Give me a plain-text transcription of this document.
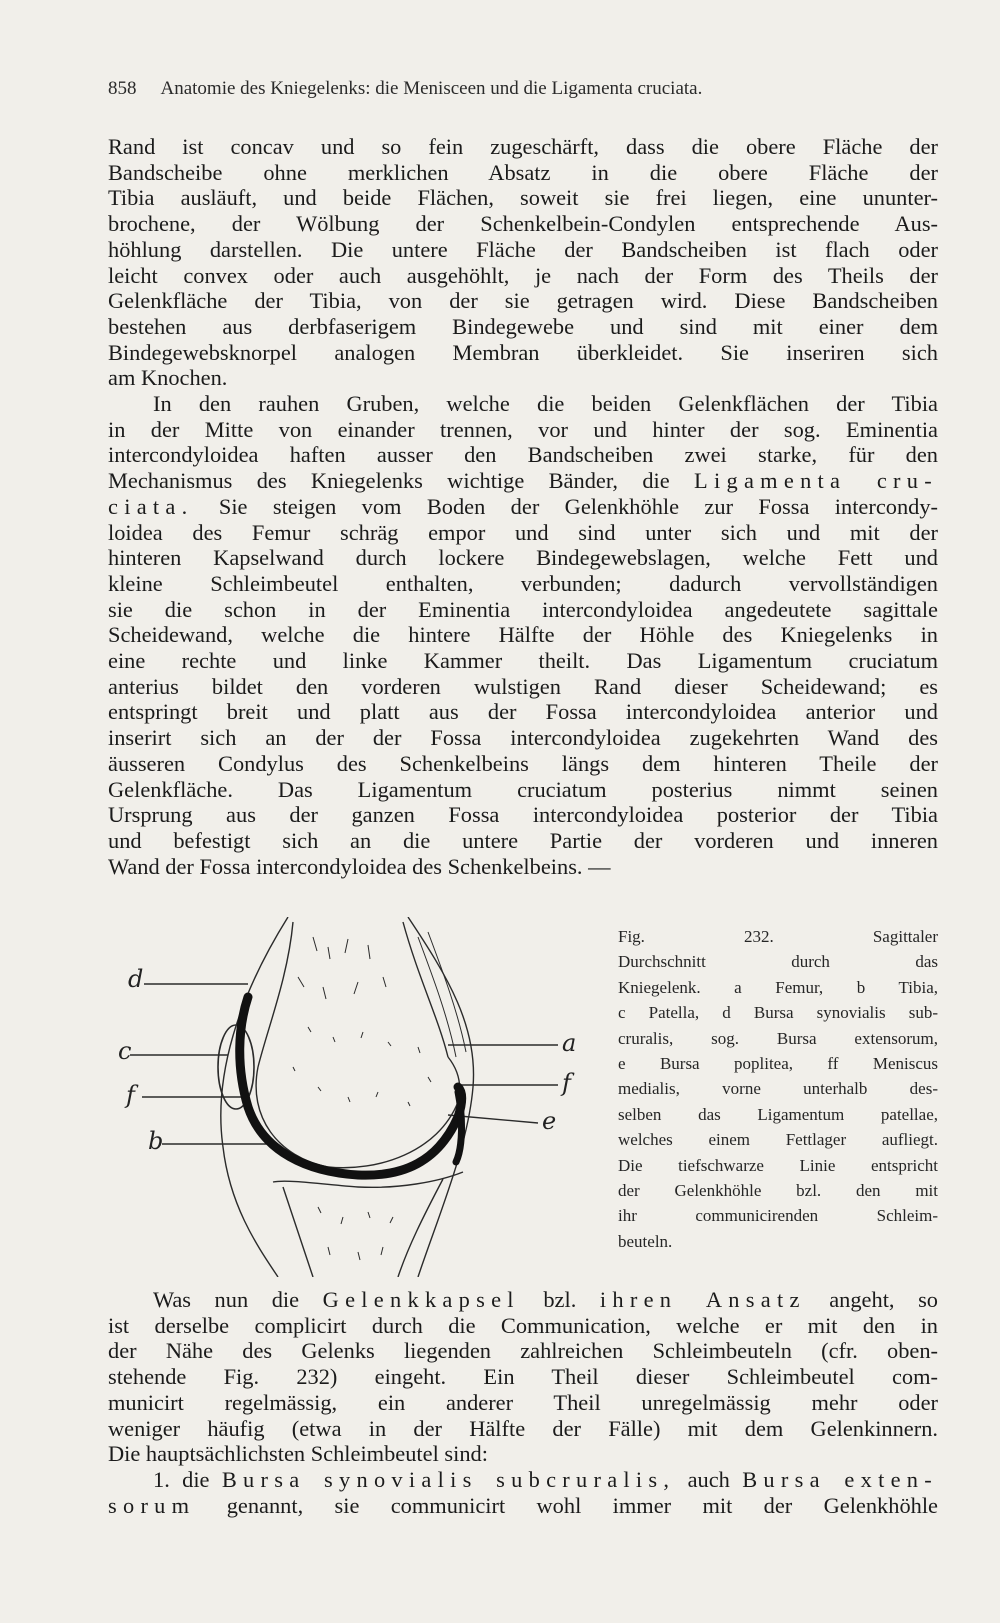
858 Anatomie des Kniegelenks: die Menisceen und die Ligamenta cruciata.
Rand ist concav und so fein zugeschärft, dass die obere Fläche der
Bandscheibe ohne merklichen Absatz in die obere Fläche der
Tibia ausläuft, und beide Flächen, soweit sie frei liegen, eine ununter-
brochene, der Wölbung der Schenkelbein-Condylen entsprechende Aus-
höhlung darstellen. Die untere Fläche der Bandscheiben ist flach oder
leicht convex oder auch ausgehöhlt, je nach der Form des Theils der
Gelenkfläche der Tibia, von der sie getragen wird. Diese Bandscheiben
bestehen aus derbfaserigem Bindegewebe und sind mit einer dem
Bindegewebsknorpel analogen Membran überkleidet. Sie inseriren sich
am Knochen.
In den rauhen Gruben, welche die beiden Gelenkflächen der Tibia
in der Mitte von einander trennen, vor und hinter der sog. Eminentia
intercondyloidea haften ausser den Bandscheiben zwei starke, für den
Mechanismus des Kniegelenks wichtige Bänder, die Ligamenta cru-
ciata. Sie steigen vom Boden der Gelenkhöhle zur Fossa intercondy-
loidea des Femur schräg empor und sind unter sich und mit der
hinteren Kapselwand durch lockere Bindegewebslagen, welche Fett und
kleine Schleimbeutel enthalten, verbunden; dadurch vervollständigen
sie die schon in der Eminentia intercondyloidea angedeutete sagittale
Scheidewand, welche die hintere Hälfte der Höhle des Kniegelenks in
eine rechte und linke Kammer theilt. Das Ligamentum cruciatum
anterius bildet den vorderen wulstigen Rand dieser Scheidewand; es
entspringt breit und platt aus der Fossa intercondyloidea anterior und
inserirt sich an der der Fossa intercondyloidea zugekehrten Wand des
äusseren Condylus des Schenkelbeins längs dem hinteren Theile der
Gelenkfläche. Das Ligamentum cruciatum posterius nimmt seinen
Ursprung aus der ganzen Fossa intercondyloidea posterior der Tibia
und befestigt sich an die untere Partie der vorderen und inneren
Wand der Fossa intercondyloidea des Schenkelbeins. —
d
c
f
b
a
f
e
Fig. 232. Sagittaler
Durchschnitt durch das
Kniegelenk. a Femur, b Tibia,
c Patella, d Bursa synovialis sub-
cruralis, sog. Bursa extensorum,
e Bursa poplitea, ff Meniscus
medialis, vorne unterhalb des-
selben das Ligamentum patellae,
welches einem Fettlager aufliegt.
Die tiefschwarze Linie entspricht
der Gelenkhöhle bzl. den mit
ihr communicirenden Schleim-
beuteln.
Was nun die Gelenkkapsel bzl. ihren Ansatz angeht, so
ist derselbe complicirt durch die Communication, welche er mit den in
der Nähe des Gelenks liegenden zahlreichen Schleimbeuteln (cfr. oben-
stehende Fig. 232) eingeht. Ein Theil dieser Schleimbeutel com-
municirt regelmässig, ein anderer Theil unregelmässig mehr oder
weniger häufig (etwa in der Hälfte der Fälle) mit dem Gelenkinnern.
Die hauptsächlichsten Schleimbeutel sind:
1. die Bursa synovialis subcruralis, auch Bursa exten-
sorum genannt, sie communicirt wohl immer mit der Gelenkhöhle
